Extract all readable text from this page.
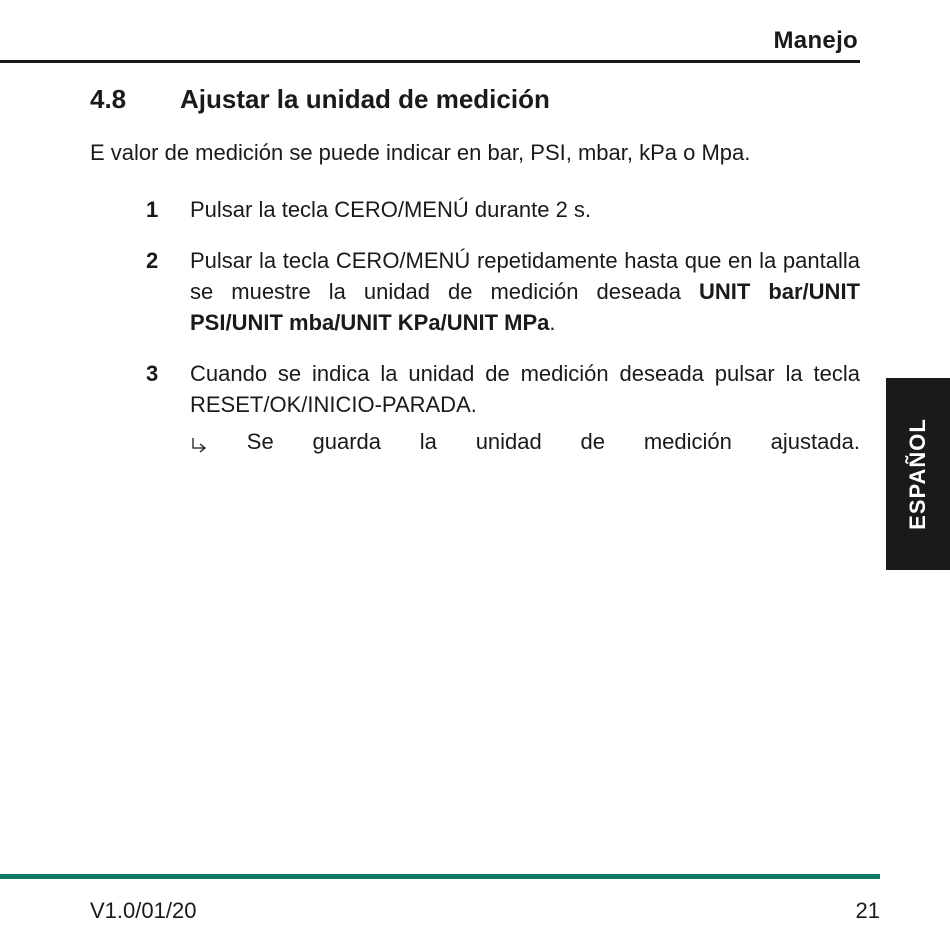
Manejo
4.8 Ajustar la unidad de medición
E valor de medición se puede indicar en bar, PSI, mbar, kPa o Mpa.
1	Pulsar la tecla CERO/MENÚ durante 2 s.
2	Pulsar la tecla CERO/MENÚ repetidamente hasta que en la pantalla se muestre la unidad de medición deseada UNIT bar/UNIT PSI/UNIT mba/UNIT KPa/UNIT MPa.
3	Cuando se indica la unidad de medición deseada pulsar la tecla RESET/OK/INICIO-PARADA.
Se guarda la unidad de medición ajustada. ESPAÑOL
V1.0/01/20	21
